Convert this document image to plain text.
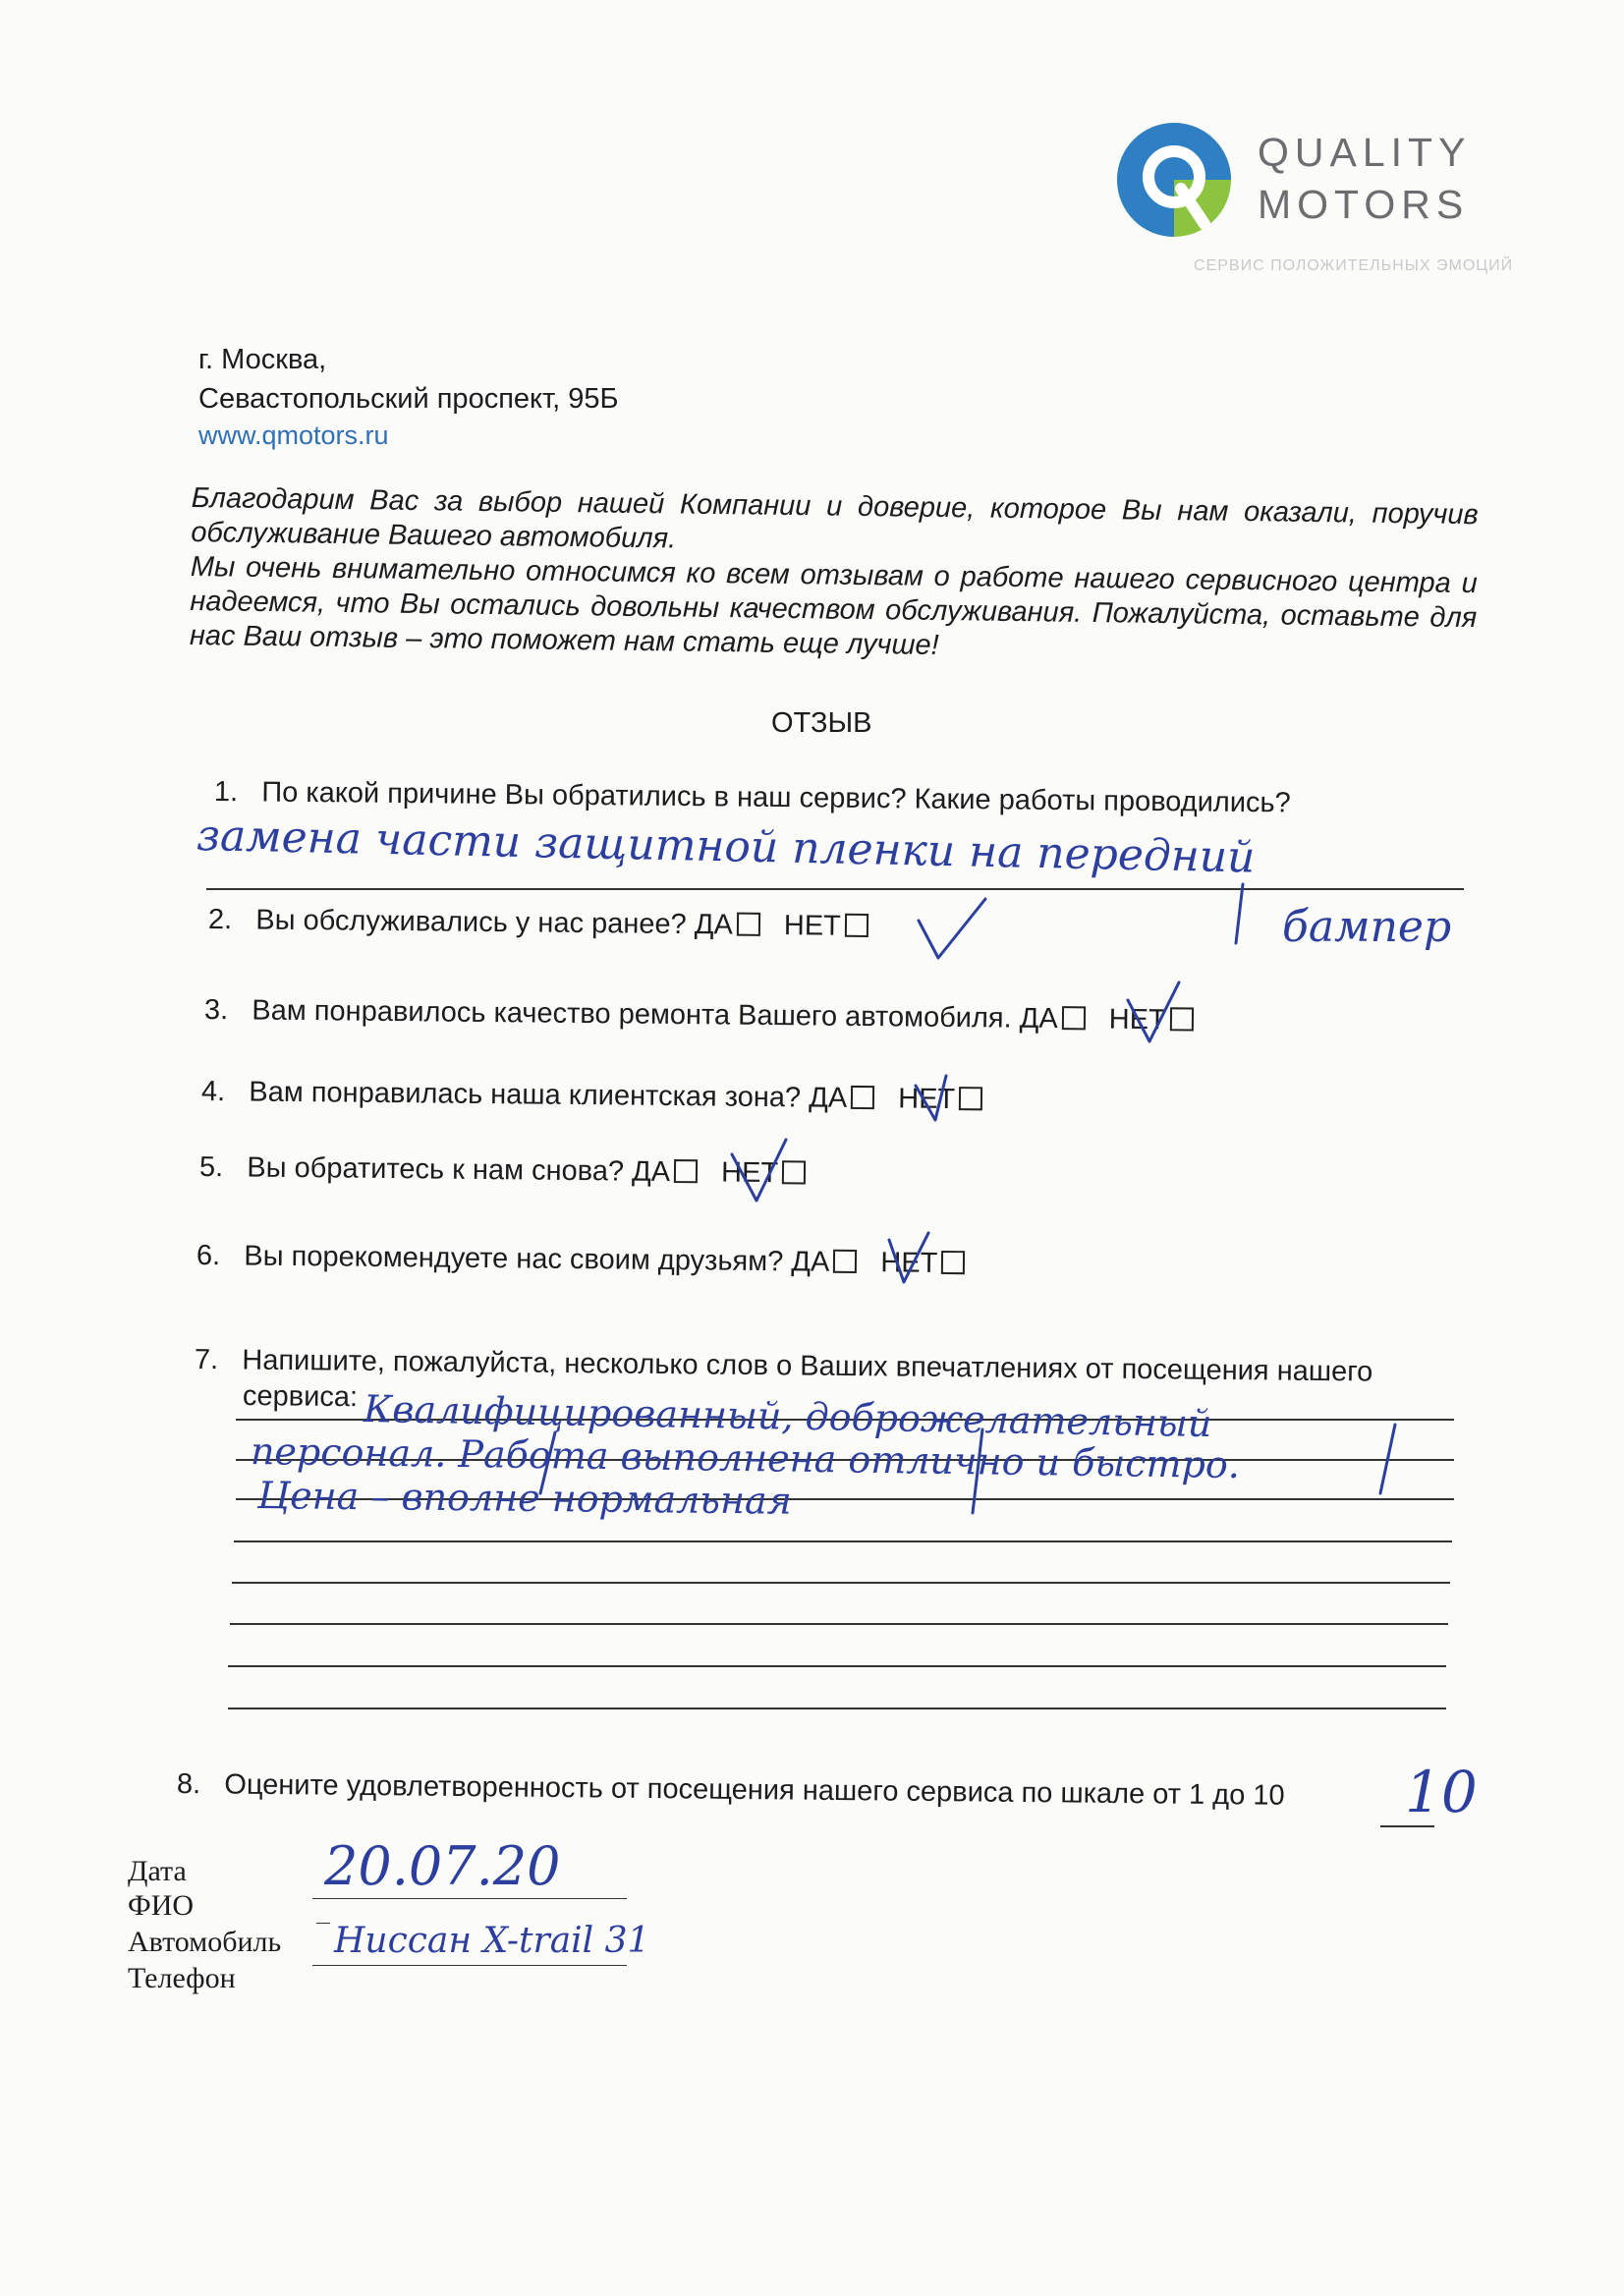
QUALITY
MOTORS
СЕРВИС ПОЛОЖИТЕЛЬНЫХ ЭМОЦИЙ
г. Москва,
Севастопольский проспект, 95Б
www.qmotors.ru

Благодарим Вас за выбор нашей Компании и доверие, которое Вы нам оказали, поручив обслуживание Вашего автомобиля.

Мы очень внимательно относимся ко всем отзывам о работе нашего сервисного центра и надеемся, что Вы остались довольны качеством обслуживания. Пожалуйста, оставьте для нас Ваш отзыв – это поможет нам стать еще лучше!

ОТЗЫВ
1. По какой причине Вы обратились в наш сервис? Какие работы проводились?
замена части защитной пленки на передний
бампер
2. Вы обслуживались у нас ранее? ДА НЕТ
3. Вам понравилось качество ремонта Вашего автомобиля. ДА НЕТ
4. Вам понравилась наша клиентская зона? ДА НЕТ
5. Вы обратитесь к нам снова? ДА НЕТ
6. Вы порекомендуете нас своим друзьям? ДА НЕТ
7. Напишите, пожалуйста, несколько слов о Ваших впечатлениях от посещения нашего
сервиса: Квалифицированный, доброжелательный
персонал. Работа выполнена отлично и быстро.
Цена – вполне нормальная
8. Оцените удовлетворенность от посещения нашего сервиса по шкале от 1 до 10 10
Дата	20.07.20
ФИО
Автомобиль Ниссан X-trail 31
Телефон
